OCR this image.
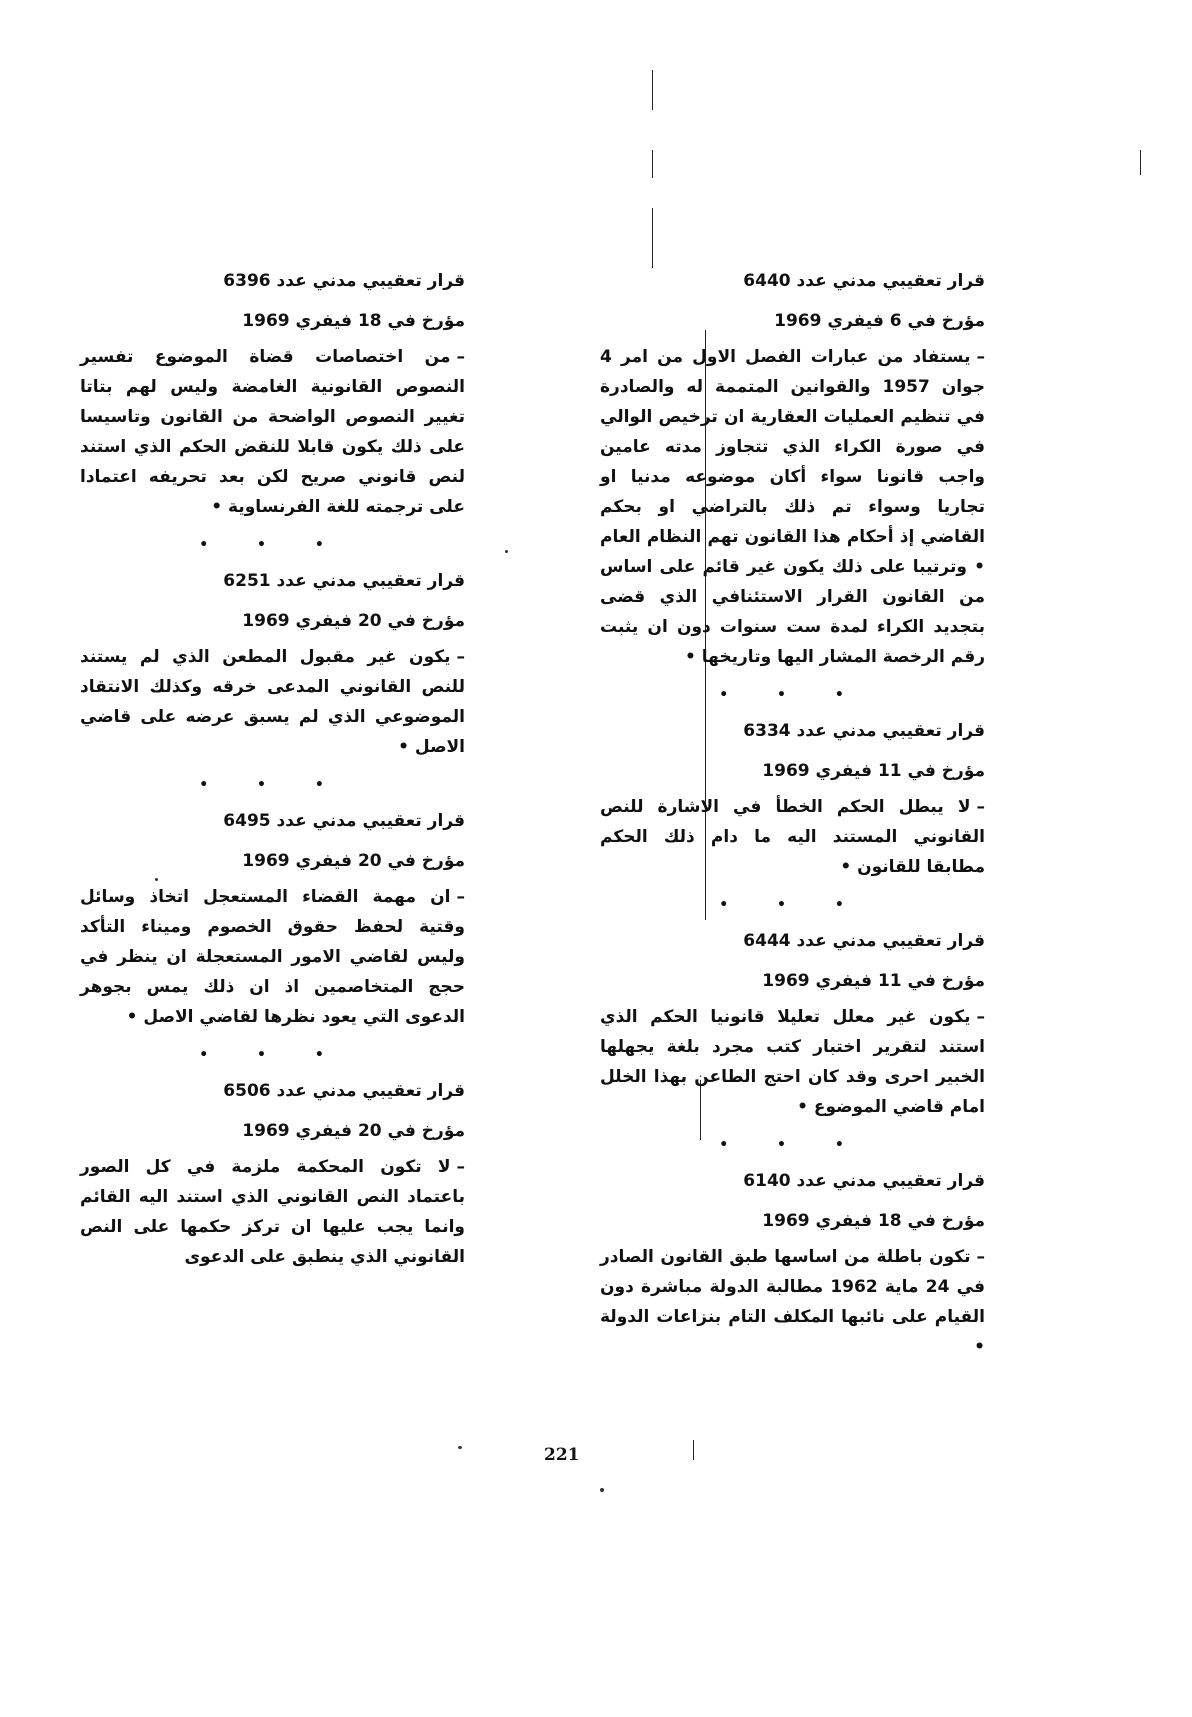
قرار تعقيبي مدني عدد 6440

مؤرخ في 6 فيفري 1969

–يستفاد من عبارات الفصل الاول من امر 4 جوان 1957 والقوانين المتممة له والصادرة في تنظيم العمليات العقارية ان ترخيص الوالي في صورة الكراء الذي تتجاوز مدته عامين واجب قانونا سواء أكان موضوعه مدنيا او تجاريا وسواء تم ذلك بالتراضي او بحكم القاضي إذ أحكام هذا القانون تهم النظام العام • وترتيبا على ذلك يكون غير قائم على اساس من القانون القرار الاستئنافي الذي قضى بتجديد الكراء لمدة ست سنوات دون ان يثبت رقم الرخصة المشار اليها وتاريخها •

• • •

قرار تعقيبي مدني عدد 6334

مؤرخ في 11 فيفري 1969

–لا يبطل الحكم الخطأ في الاشارة للنص القانوني المستند اليه ما دام ذلك الحكم مطابقا للقانون •

• • •

قرار تعقيبي مدني عدد 6444

مؤرخ في 11 فيفري 1969

–يكون غير معلل تعليلا قانونيا الحكم الذي استند لتقرير اختبار كتب مجرد بلغة يجهلها الخبير احرى وقد كان احتج الطاعن بهذا الخلل امام قاضي الموضوع •

• • •

قرار تعقيبي مدني عدد 6140

مؤرخ في 18 فيفري 1969

–تكون باطلة من اساسها طبق القانون الصادر في 24 ماية 1962 مطالبة الدولة مباشرة دون القيام على نائبها المكلف التام بنزاعات الدولة •

قرار تعقيبي مدني عدد 6396

مؤرخ في 18 فيفري 1969

–من اختصاصات قضاة الموضوع تفسير النصوص القانونية الغامضة وليس لهم بتاتا تغيير النصوص الواضحة من القانون وتاسيسا على ذلك يكون قابلا للنقض الحكم الذي استند لنص قانوني صريح لكن بعد تحريفه اعتمادا على ترجمته للغة الفرنساوية •

• • •

قرار تعقيبي مدني عدد 6251

مؤرخ في 20 فيفري 1969

–يكون غير مقبول المطعن الذي لم يستند للنص القانوني المدعى خرقه وكذلك الانتقاد الموضوعي الذي لم يسبق عرضه على قاضي الاصل •

• • •

قرار تعقيبي مدني عدد 6495

مؤرخ في 20 فيفري 1969

–ان مهمة القضاء المستعجل اتخاذ وسائل وقتية لحفظ حقوق الخصوم وميناء التأكد وليس لقاضي الامور المستعجلة ان ينظر في حجج المتخاصمين اذ ان ذلك يمس بجوهر الدعوى التي يعود نظرها لقاضي الاصل •

• • •

قرار تعقيبي مدني عدد 6506

مؤرخ في 20 فيفري 1969

–لا تكون المحكمة ملزمة في كل الصور باعتماد النص القانوني الذي استند اليه القائم وانما يجب عليها ان تركز حكمها على النص القانوني الذي ينطبق على الدعوى

221
